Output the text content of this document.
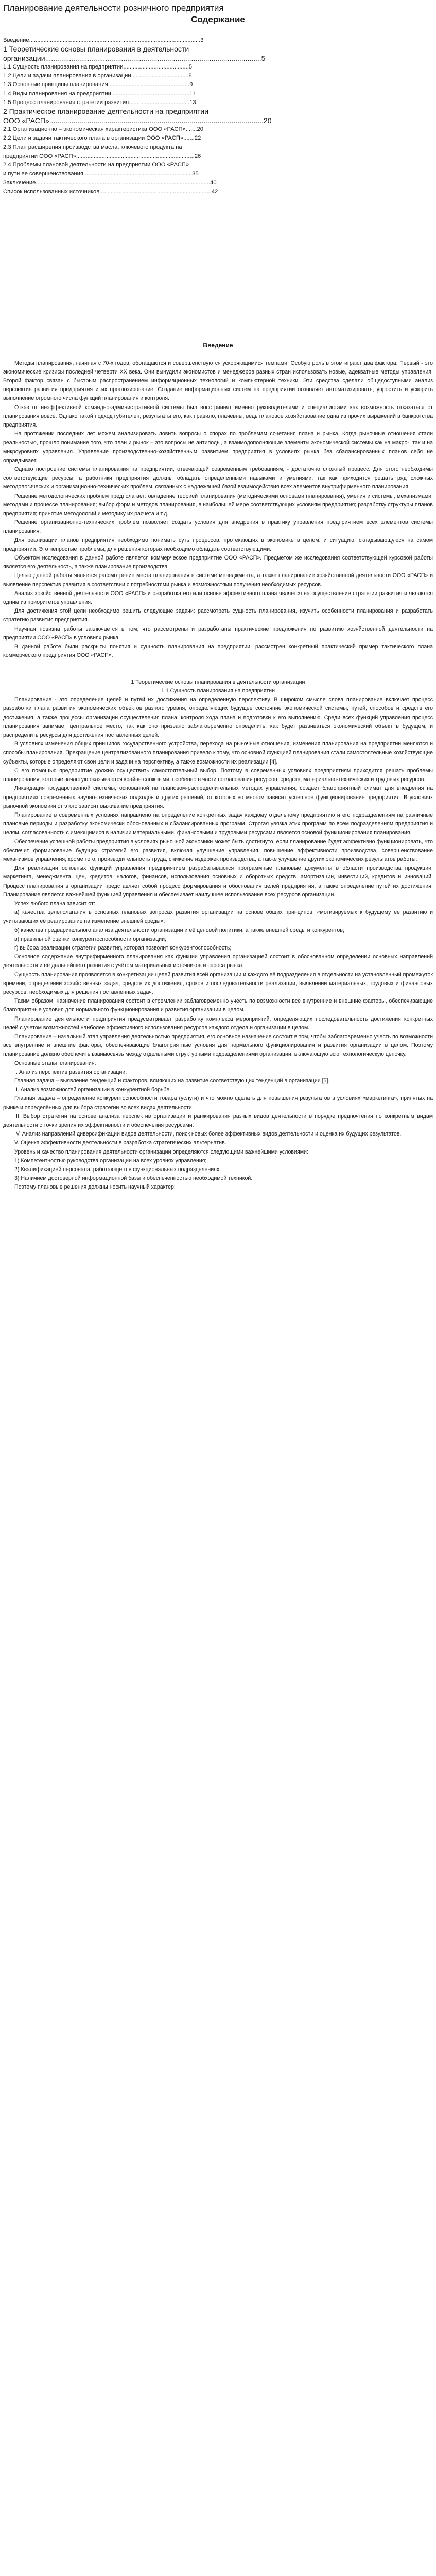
Планирование деятельности розничного предприятия
Содержание
Введение...........................................................................................................3
1 Теоретические основы планирования в деятельности
организации............................................................................................................5
1.1 Сущность планирования на предприятии.........................................5
1.2 Цели и задачи планирования в организации....................................8
1.3 Основные принципы планирования...................................................9
1.4 Виды планирования на предприятии.................................................11
1.5 Процесс планирования стратегии развития......................................13
2 Практическое планирование деятельности на предприятии
ООО «РАСП»...........................................................................................................20
2.1 Организационно – экономическая характеристика ООО «РАСП».......20
2.2 Цели и задачи тактического плана в организации ООО «РАСП».......22
2.3 План расширения производства масла, ключевого продукта на
предприятии ООО «РАСП»..........................................................................26
2.4 Проблемы плановой деятельности на предприятии ООО «РАСП»
и пути ее совершенствования....................................................................35
Заключение.............................................................................................................40
Список использованных источников......................................................................42
Введение

Методы планирования, начиная с 70-х годов, обогащаются и совершенствуются ускоряющимися темпами. Особую роль в этом играют два фактора. Первый - это экономические кризисы последней четверти XX века. Они вынудили экономистов и менеджеров разных стран использовать новые, адекватные методы управления. Второй фактор связан с быстрым распространением информационных технологий и компьютерной техники. Эти средства сделали общедоступными анализ перспектив развития предприятия и их прогнозирование. Создание информационных систем на предприятии позволяет автоматизировать, упростить и ускорить выполнение огромного числа функций планирования и контроля.

Отказ от неэффективной командно-административной системы был восстриинят именно руководителями и специалистами как возможность отказаться от планирования вовсе. Однако такой подход губителен, результаты его, как правило, плачевны, ведь плановое хозяйствование одна из прочих выражений в банкротства предприятия.

На протяжении последних лет можем анализировать ловить вопросы о спорах по проблемам сочетания плана и рынка. Когда рыночные отношения стали реальностью, прошло понимание того, что план и рынок – это вопросы не антиподы, а взаимодополняющие элементы экономической системы как на макро-, так и на микроуровнях управления. Управление производственно-хозяйственным развитием предприятия в условиях рынка без сбалансированных планов себя не оправдывает.

Однако построение системы планирования на предприятии, отвечающей современным требованиям, - достаточно сложный процесс. Для этого необходимы соответствующие ресурсы, а работники предприятия должны обладать определенными навыками и умениями, так как приходится решать ряд сложных методологических и организационно-технических проблем, связанных с надлежащей базой взаимодействия всех элементов внутрифирменного планирования.

Решение методологических проблем предполагает: овладение теорией планирования (методическими основами планирования), умения и системы, механизмами, методами и процессе планирования; выбор форм и методов планирования, в наибольшей мере соответствующих условиям предприятия; разработку структуры планов предприятия; принятие методологий и методику их расчета и т.д.

Решение организационно-технических проблем позволяет создать условия для внедрения в практику управления предприятием всех элементов системы планирования.

Для реализации планов предприятия необходимо понимать суть процессов, протекающих в экономике в целом, и ситуацию, складывающуюся на самом предприятии. Это непростые проблемы, для решения которых необходимо обладать соответствующими.

Объектом исследования в данной работе является коммерческое предприятие ООО «РАСП». Предметом же исследования соответствующей курсовой работы является его деятельность, а также планирование производства.

Целью данной работы является рассмотрение места планирования в системе менеджмента, а также планирование хозяйственной деятельности ООО «РАСП» и выявление перспектив развития в соответствии с потребностями рынка и возможностями получения необходимых ресурсов.

Анализ хозяйственной деятельности ООО «РАСП» и разработка его или основе эффективного плана является на осуществление стратегии развития и являются одним из приоритетов управления.

Для достижения этой цели необходимо решить следующие задачи: рассмотреть сущность планирования, изучить особенности планирования и разработать стратегию развития предприятия.

Научная новизна работы заключается в том, что рассмотрены и разработаны практические предложения по развитию хозяйственной деятельности на предприятии ООО «РАСП» в условиях рынка.

В данной работе были раскрыты понятия и сущность планирования на предприятии, рассмотрен конкретный практический пример тактического плана коммерческого предприятия ООО «РАСП».

1 Теоретические основы планирования в деятельности организации

1.1 Сущность планирования на предприятии

Планирование - это определение целей и путей их достижения на определенную перспективу. В широком смысле слова планирование включает процесс разработки плана развития экономических объектов разного уровня, определяющих будущее состояние экономической системы, путей, способов и средств его достижения, а также процессы организации осуществления плана, контроля хода плана и подготовки к его выполнению. Среди всех функций управления процесс планирования занимает центральное место, так как оно призвано заблаговременно определить, как будет развиваться экономический объект в будущем, и распределить ресурсы для достижения поставленных целей.

В условиях изменения общих принципов государственного устройства, перехода на рыночные отношения, изменения планирования на предприятии меняются и способы планирования. Прекращение централизованного планирования привело к тому, что основной функцией планирования стали самостоятельные хозяйствующие субъекты, которые определяют свои цели и задачи на перспективу, а также возможности их реализации [4].

С его помощью предприятие должно осуществить самостоятельный выбор. Поэтому в современных условиях предприятиям приходится решать проблемы планирования, которые зачастую оказываются крайне сложными, особенно в части согласования ресурсов, средств, материально-технических и трудовых ресурсов.

Ликвидация государственной системы, основанной на плановом-распределительных методах управления, создает благоприятный климат для внедрения на предприятиях современных научно-технических подходов и других решений, от которых во многом зависит успешное функционирование предприятия. В условиях рыночной экономики от этого зависит выживание предприятия.

Планирование в современных условиях направлено на определение конкретных задач каждому отдельному предприятию и его подразделениям на различные плановые периоды и разработку экономически обоснованных и сбалансированных программ. Строгая увязка этих программ по всем подразделениям предприятия и целям, согласованность с имеющимися в наличии материальными, финансовыми и трудовыми ресурсами является основой функционирования планирования.

Обеспечение успешной работы предприятия в условиях рыночной экономики может быть достигнуто, если планирование будет эффективно функционировать, что обеспечит формирование будущих стратегий его развития, включая улучшение управления, повышение эффективности производства, совершенствование механизмов управления; кроме того, производительность труда, снижение издержек производства, а также улучшение других экономических результатов работы.

Для реализации основных функций управления предприятием разрабатываются программные плановые документы в области производства продукции, маркетинга, менеджмента, цен, кредитов, налогов, финансов, использования основных и оборотных средств, амортизации, инвестиций, кредитов и инноваций. Процесс планирования в организации представляет собой процесс формирования и обоснования целей предприятия, а также определение путей их достижения. Планирование является важнейшей функцией управления и обеспечивает наилучшее использование всех ресурсов организации.

Успех любого плана зависит от:

а) качества целеполагания в основных плановых вопросах развития организации на основе общих принципов, «мотивируемых к будущему ее развитию и учитывающих её реагирование на изменение внешней среды»;

б) качества предварительного анализа деятельности организации и её ценовой политики, а также внешней среды и конкурентов;

в) правильной оценки конкурентоспособности организации;

г) выбора реализации стратегии развития, которая позволит конкурентоспособность;

Основное содержание внутрифирменного планирования как функции управления организацией состоит в обоснованном определении основных направлений деятельности и её дальнейшего развития с учётом материальных источников и спроса рынка.

Сущность планирования проявляется в конкретизации целей развития всей организации и каждого её подразделения в отдельности на установленный промежуток времени, определении хозяйственных задач, средств их достижения, сроков и последовательности реализации, выявлении материальных, трудовых и финансовых ресурсов, необходимых для решения поставленных задач.

Таким образом, назначение планирования состоит в стремлении заблаговременно учесть по возможности все внутренние и внешние факторы, обеспечивающие благоприятные условия для нормального функционирования и развития организации в целом.

Планирование деятельности предприятия предусматривает разработку комплекса мероприятий, определяющих последовательность достижения конкретных целей с учетом возможностей наиболее эффективного использования ресурсов каждого отдела и организации в целом.

Планирование – начальный этап управления деятельностью предприятия, его основное назначение состоит в том, чтобы заблаговременно учесть по возможности все внутренние и внешние факторы, обеспечивающие благоприятные условия для нормального функционирования и развития организации в целом. Поэтому планирование должно обеспечить взаимосвязь между отдельными структурными подразделениями организации, включающую всю технологическую цепочку.

Основные этапы планирования:

I. Анализ перспектив развития организации.

Главная задача – выявление тенденций и факторов, влияющих на развитие соответствующих тенденций в организации [5].

II. Анализ возможностей организации в конкурентной борьбе.

Главная задача – определение конкурентоспособности товара (услуги) и что можно сделать для повышения результатов в условиях «маркетинга», принятых на рынке и определённых для выбора стратегии во всех видах деятельности.

III. Выбор стратегии на основе анализа перспектив организации и ранжирования разных видов деятельности в порядке предпочтения по конкретным видам деятельности с точки зрения их эффективности и обеспечения ресурсами.

IV. Анализ направлений диверсификации видов деятельности, поиск новых более эффективных видов деятельности и оценка их будущих результатов.

V. Оценка эффективности деятельности в разработка стратегических альтернатив.

Уровень и качество планирования деятельности организации определяются следующими важнейшими условиями:

1) Компетентностью руководства организации на всех уровнях управления;

2) Квалификацией персонала, работающего в функциональных подразделениях;

3) Наличием достоверной информационной базы и обеспеченностью необходимой техникой.

Поэтому плановые решения должны носить научный характер:
